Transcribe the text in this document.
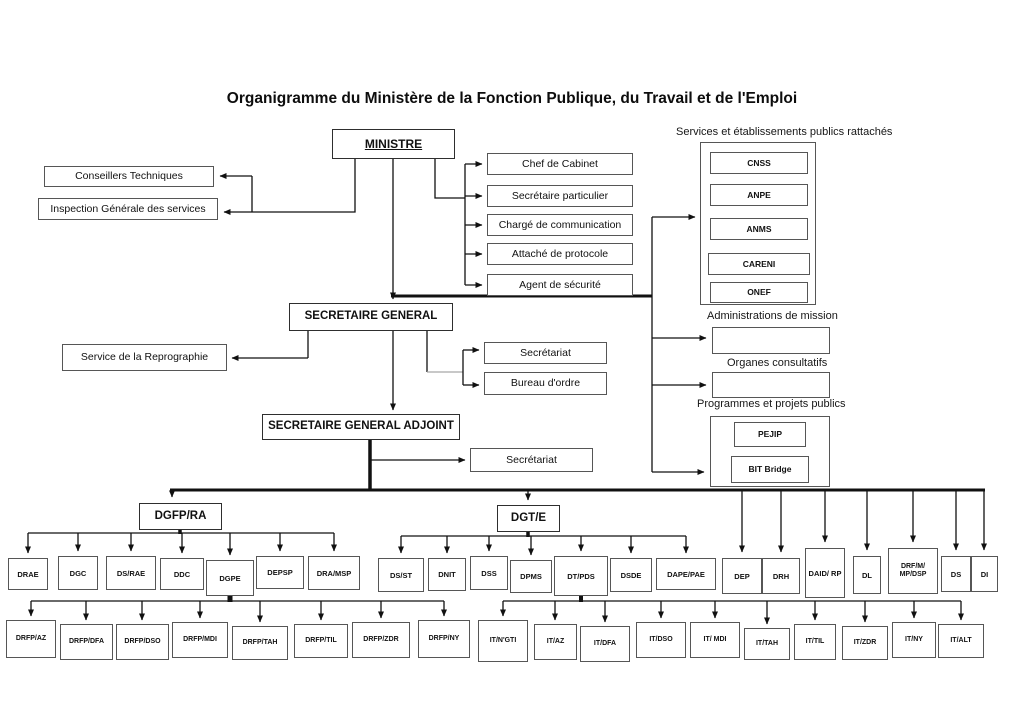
Organigramme du Ministère de la Fonction Publique, du Travail et de l'Emploi
MINISTRE
Conseillers Techniques
Inspection Générale des services
Chef de Cabinet
Secrétaire particulier
Chargé de communication
Attaché de protocole
Agent de sécurité
Services et établissements publics rattachés
CNSS
ANPE
ANMS
CARENI
ONEF
Administrations de mission
Organes consultatifs
Programmes et projets publics
PEJIP
BIT Bridge
SECRETAIRE GENERAL
Service de la Reprographie	Secrétariat
Bureau d'ordre
SECRETAIRE GENERAL ADJOINT
Secrétariat
DGFP/RA	DGT/E
DRAE	DGC	DS/RAE	DDC	DGPE
DEPSP	DRA/MSP	DS/ST	DNIT	DSS	DPMS	DT/PDS	DSDE	DAPE/PAE	DEP	DRH	DAID/ RP	DL
DRF/M/ MP/DSP	DS	DI
DRFP/AZ	DRFP/DFA	DRFP/DSO	DRFP/MDI	DRFP/TAH	DRFP/TIL	DRFP/ZDR	DRFP/NY	IT/N'GTI	IT/AZ	IT/DFA
IT/DSO	IT/ MDI
IT/TAH	IT/TIL	IT/ZDR	IT/NY	IT/ALT
